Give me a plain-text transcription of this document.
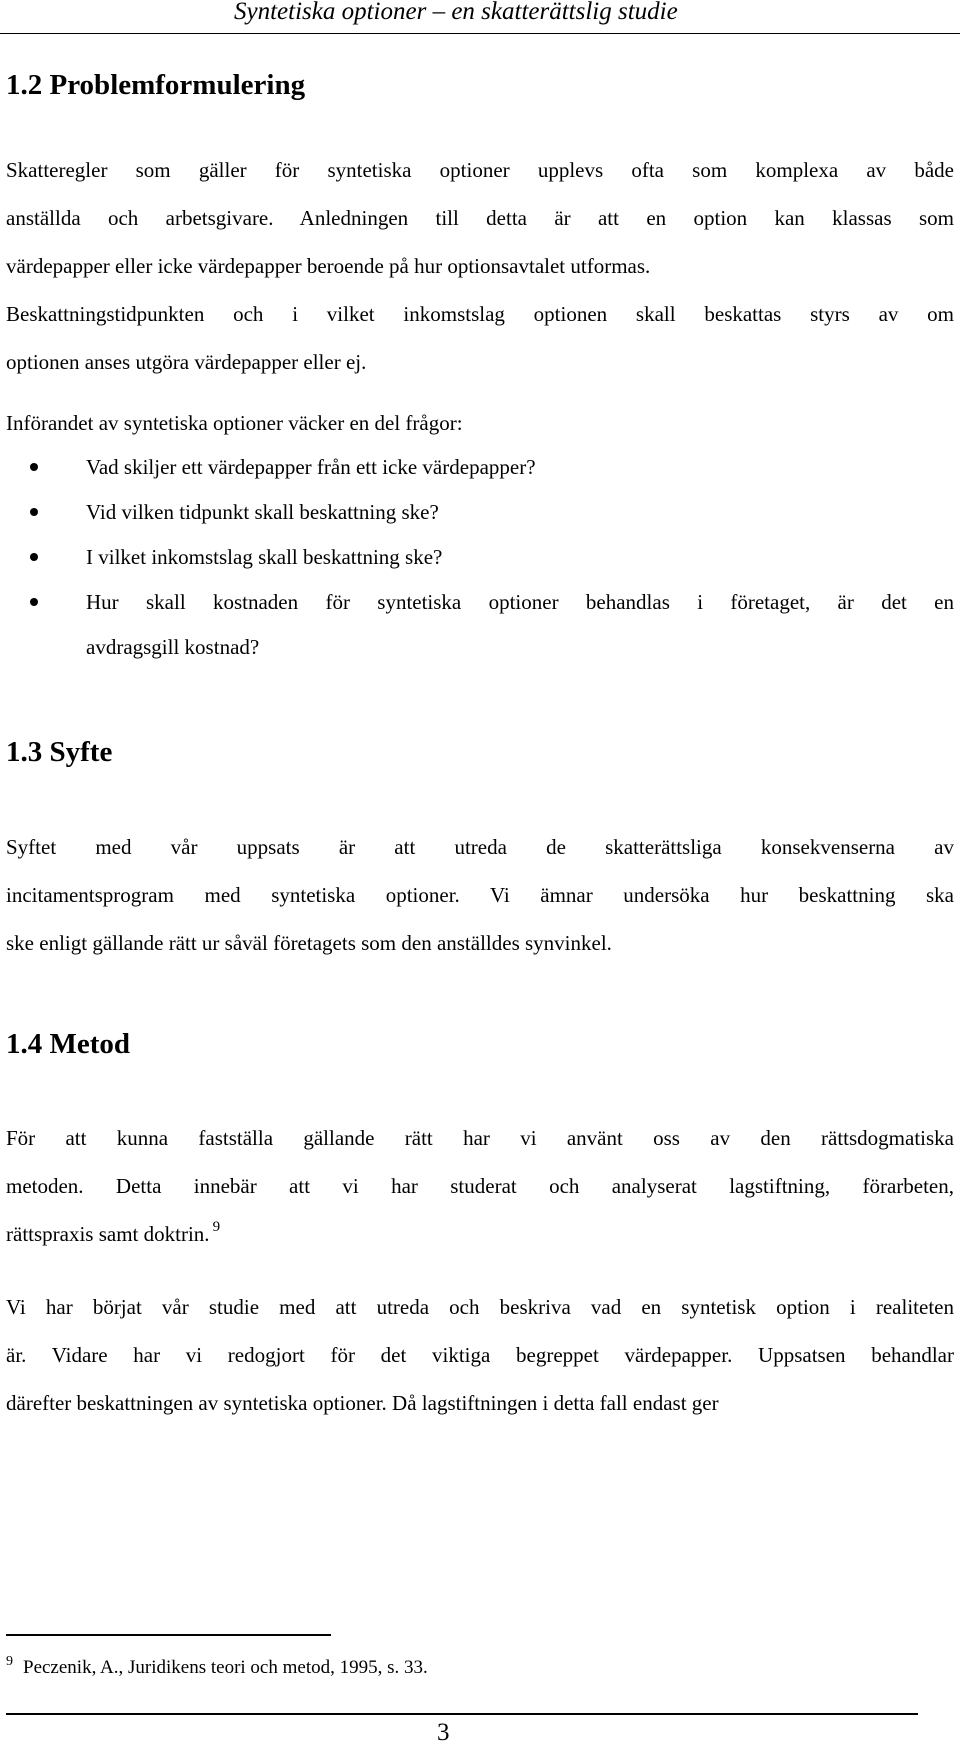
Syntetiska optioner – en skatterättslig studie
1.2 Problemformulering
Skatteregler som gäller för syntetiska optioner upplevs ofta som komplexa av både
anställda och arbetsgivare. Anledningen till detta är att en option kan klassas som
värdepapper eller icke värdepapper beroende på hur optionsavtalet utformas.
Beskattningstidpunkten och i vilket inkomstslag optionen skall beskattas styrs av om
optionen anses utgöra värdepapper eller ej.
Införandet av syntetiska optioner väcker en del frågor:
Vad skiljer ett värdepapper från ett icke värdepapper?
Vid vilken tidpunkt skall beskattning ske?
I vilket inkomstslag skall beskattning ske?
Hur skall kostnaden för syntetiska optioner behandlas i företaget, är det en
avdragsgill kostnad?
1.3 Syfte
Syftet med vår uppsats är att utreda de skatterättsliga konsekvenserna av
incitamentsprogram med syntetiska optioner. Vi ämnar undersöka hur beskattning ska
ske enligt gällande rätt ur såväl företagets som den anställdes synvinkel.
1.4 Metod
För att kunna fastställa gällande rätt har vi använt oss av den rättsdogmatiska
metoden. Detta innebär att vi har studerat och analyserat lagstiftning, förarbeten,
rättspraxis samt doktrin. $^9$
Vi har börjat vår studie med att utreda och beskriva vad en syntetisk option i realiteten
är. Vidare har vi redogjort för det viktiga begreppet värdepapper. Uppsatsen behandlar
därefter beskattningen av syntetiska optioner. Då lagstiftningen i detta fall endast ger
$^9$ Peczenik, A., Juridikens teori och metod, 1995, s. 33.
3
